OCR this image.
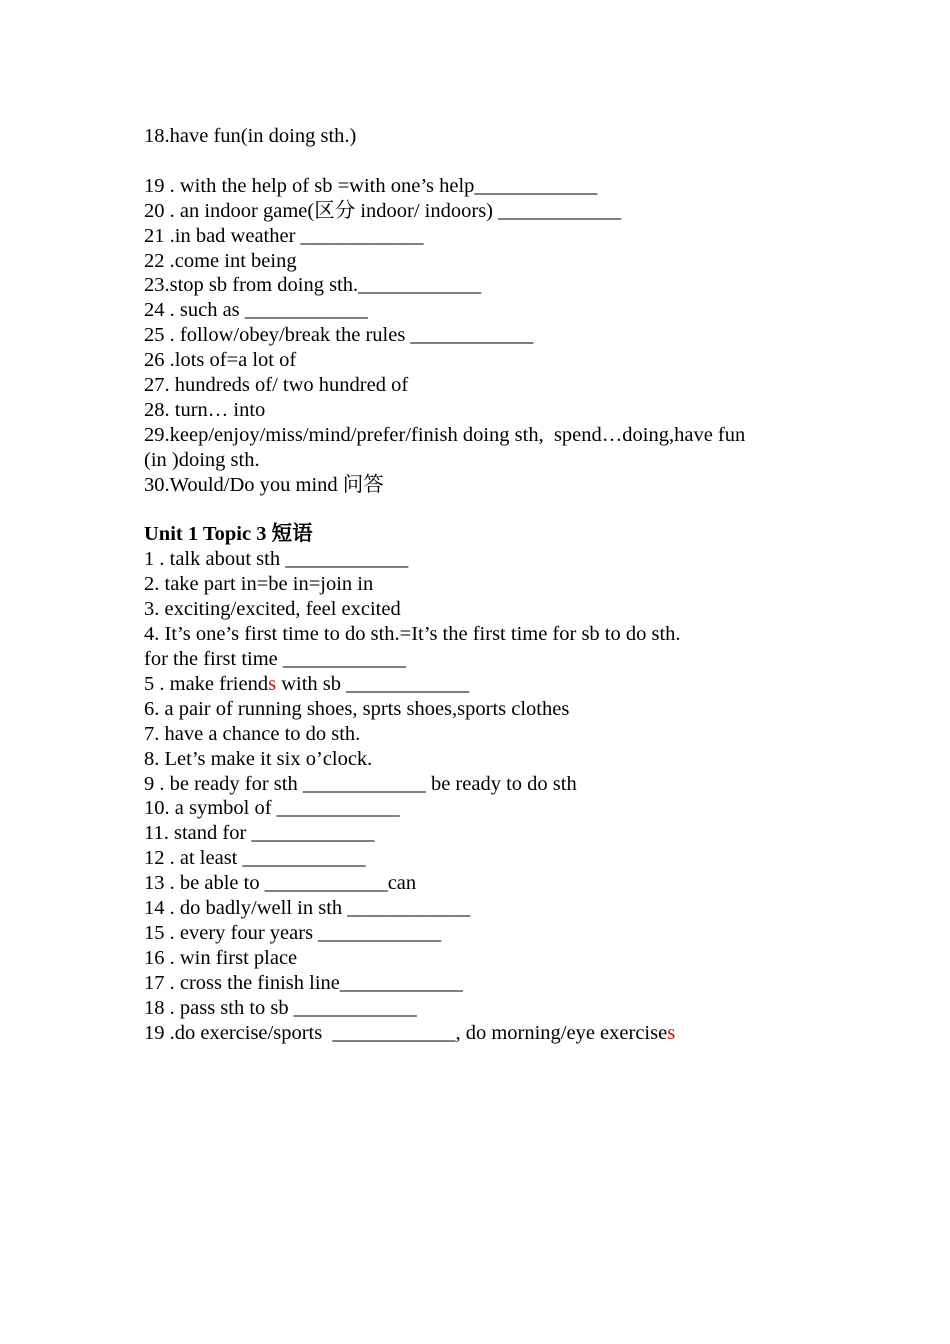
18.have fun(in doing sth.)

19 . with the help of sb =with one’s help____________

20 . an indoor game(区分 indoor/ indoors) ____________

21 .in bad weather ____________

22 .come int being

23.stop sb from doing sth.____________

24 . such as ____________

25 . follow/obey/break the rules ____________

26 .lots of=a lot of

27. hundreds of/ two hundred of

28. turn… into

29.keep/enjoy/miss/mind/prefer/finish doing sth,  spend…doing,have fun

(in )doing sth.

30.Would/Do you mind 问答

Unit 1 Topic 3 短语

1 . talk about sth ____________

2. take part in=be in=join in

3. exciting/excited, feel excited

4. It’s one’s first time to do sth.=It’s the first time for sb to do sth.

for the first time ____________

5 . make friends with sb ____________

6. a pair of running shoes, sprts shoes,sports clothes

7. have a chance to do sth.

8. Let’s make it six o’clock.

9 . be ready for sth ____________ be ready to do sth

10. a symbol of ____________

11. stand for ____________

12 . at least ____________

13 . be able to ____________can

14 . do badly/well in sth ____________

15 . every four years ____________

16 . win first place

17 . cross the finish line____________

18 . pass sth to sb ____________

19 .do exercise/sports  ____________, do morning/eye exercises
